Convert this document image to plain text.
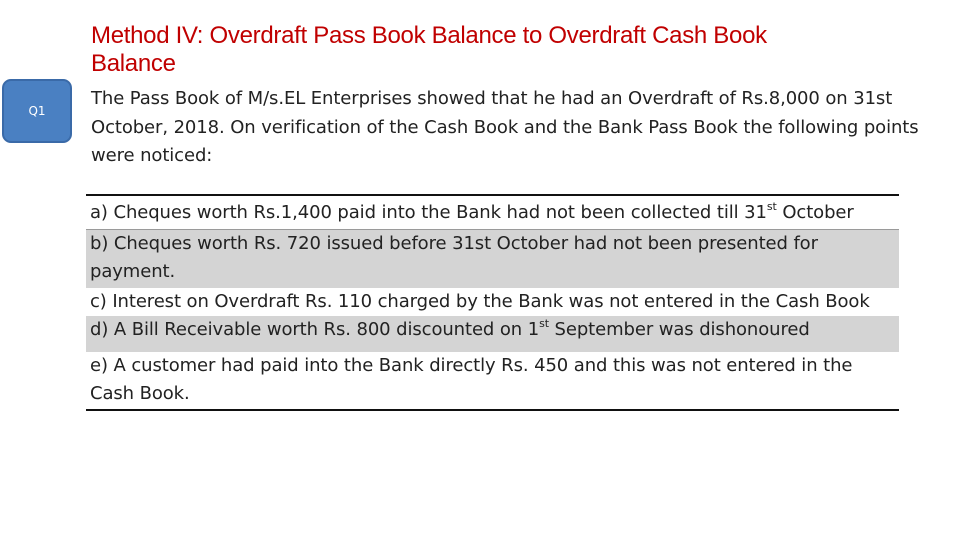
Q1
Method IV: Overdraft Pass Book Balance to Overdraft Cash Book Balance
The Pass Book of M/s.EL Enterprises showed that he had an Overdraft of Rs.8,000 on 31st October, 2018. On verification of the Cash Book and the Bank Pass Book the following points were noticed:
a) Cheques worth Rs.1,400 paid into the Bank had not been collected till 31st October
b) Cheques worth Rs. 720 issued before 31st October had not been presented for payment.
c) Interest on Overdraft Rs. 110 charged by the Bank was not entered in the Cash Book
d) A Bill Receivable worth Rs. 800 discounted on 1st September was dishonoured
e) A customer had paid into the Bank directly Rs. 450 and this was not entered in the Cash Book.
